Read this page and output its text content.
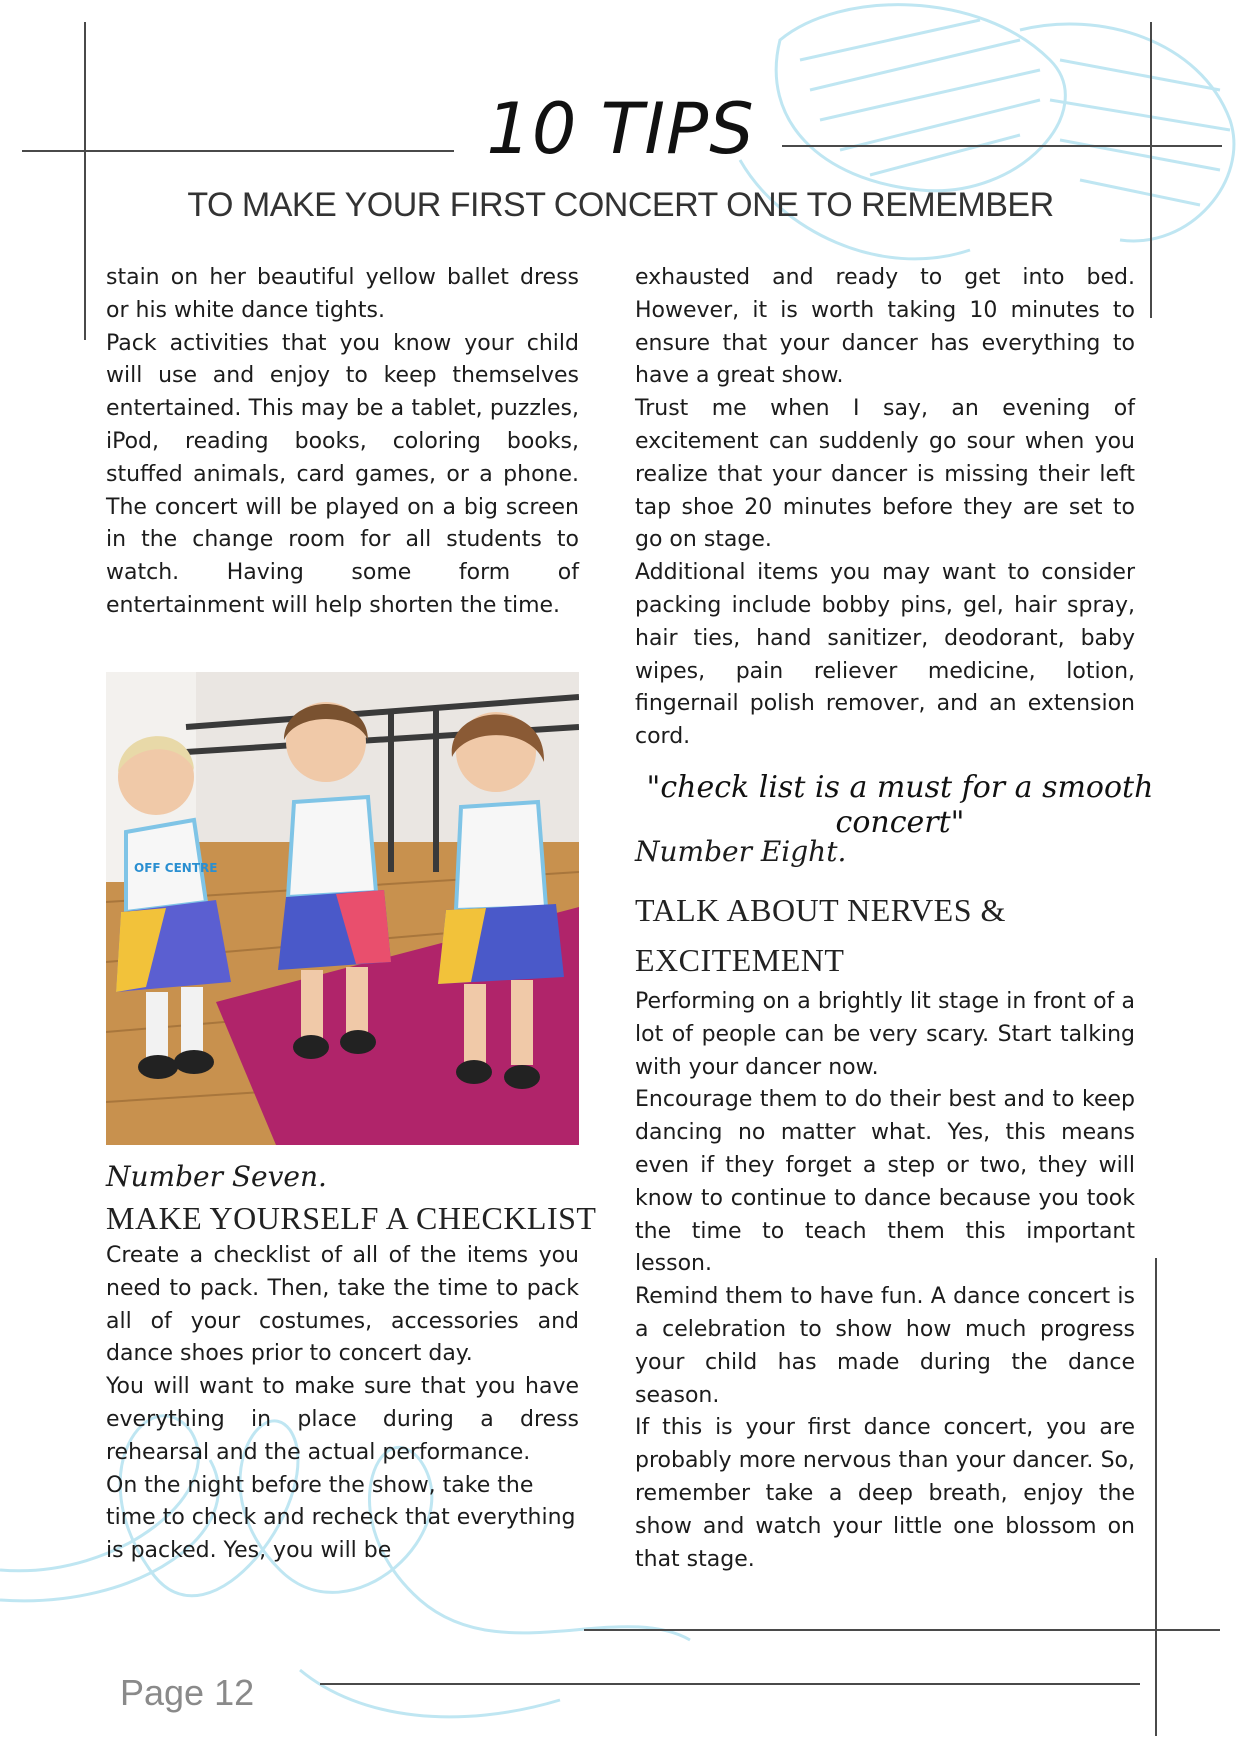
10 TIPS
TO MAKE YOUR FIRST CONCERT ONE TO REMEMBER

stain on her beautiful yellow ballet dress or his white dance tights.

Pack activities that you know your child will use and enjoy to keep themselves entertained. This may be a tablet, puzzles, iPod, reading books, coloring books, stuffed animals, card games, or a phone. The concert will be played on a big screen in the change room for all students to watch. Having some form of entertainment will help shorten the time.

OFF CENTRE
Number Seven.
MAKE YOURSELF A CHECKLIST

Create a checklist of all of the items you need to pack. Then, take the time to pack all of your costumes, accessories and dance shoes prior to concert day.

You will want to make sure that you have everything in place during a dress rehearsal and the actual performance.

On the night before the show, take the time to check and recheck that everything is packed. Yes, you will be

exhausted and ready to get into bed. However, it is worth taking 10 minutes to ensure that your dancer has everything to have a great show.

Trust me when I say, an evening of excitement can suddenly go sour when you realize that your dancer is missing their left tap shoe 20 minutes before they are set to go on stage.

Additional items you may want to consider packing include bobby pins, gel, hair spray, hair ties, hand sanitizer, deodorant, baby wipes, pain reliever medicine, lotion, fingernail polish remover, and an extension cord.

"check list is a must for a smooth concert"
Number Eight.
TALK ABOUT NERVES &
EXCITEMENT

Performing on a brightly lit stage in front of a lot of people can be very scary. Start talking with your dancer now.

Encourage them to do their best and to keep dancing no matter what. Yes, this means even if they forget a step or two, they will know to continue to dance because you took the time to teach them this important lesson.

Remind them to have fun. A dance concert is a celebration to show how much progress your child has made during the dance season.

If this is your first dance concert, you are probably more nervous than your dancer. So, remember take a deep breath, enjoy the show and watch your little one blossom on that stage.

Page 12
